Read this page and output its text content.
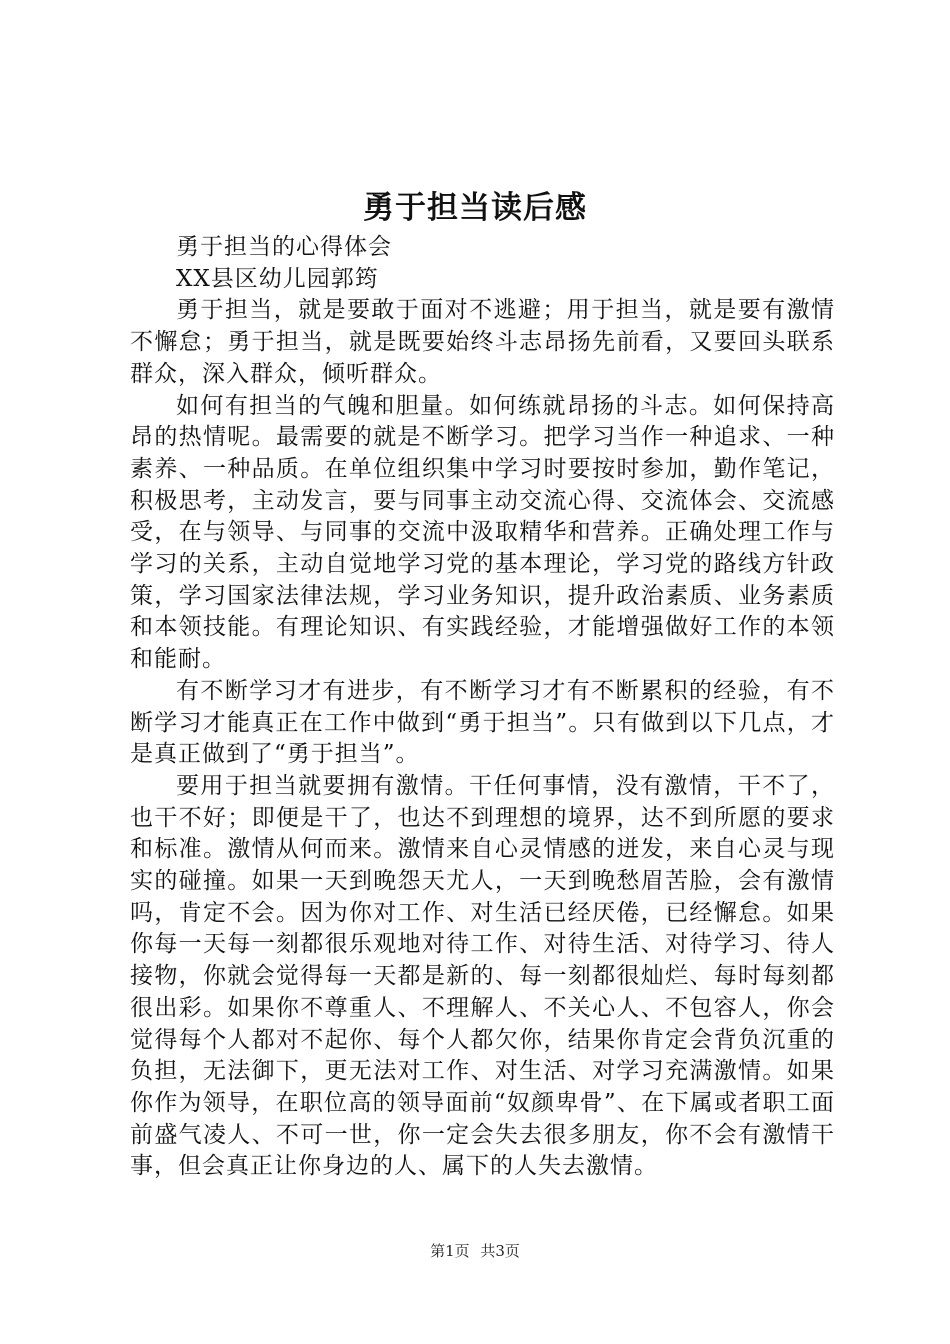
勇于担当读后感

勇于担当的心得体会

XX县区幼儿园郭筠

勇于担当，就是要敢于面对不逃避；用于担当，就是要有激情不懈怠；勇于担当，就是既要始终斗志昂扬先前看，又要回头联系群众，深入群众，倾听群众。

如何有担当的气魄和胆量。如何练就昂扬的斗志。如何保持高昂的热情呢。最需要的就是不断学习。把学习当作一种追求、一种素养、一种品质。在单位组织集中学习时要按时参加，勤作笔记，积极思考，主动发言，要与同事主动交流心得、交流体会、交流感受，在与领导、与同事的交流中汲取精华和营养。正确处理工作与学习的关系，主动自觉地学习党的基本理论，学习党的路线方针政策，学习国家法律法规，学习业务知识，提升政治素质、业务素质和本领技能。有理论知识、有实践经验，才能增强做好工作的本领和能耐。

有不断学习才有进步，有不断学习才有不断累积的经验，有不断学习才能真正在工作中做到“勇于担当”。只有做到以下几点，才是真正做到了“勇于担当”。

要用于担当就要拥有激情。干任何事情，没有激情，干不了，也干不好；即便是干了，也达不到理想的境界，达不到所愿的要求和标准。激情从何而来。激情来自心灵情感的迸发，来自心灵与现实的碰撞。如果一天到晚怨天尤人，一天到晚愁眉苦脸，会有激情吗，肯定不会。因为你对工作、对生活已经厌倦，已经懈怠。如果你每一天每一刻都很乐观地对待工作、对待生活、对待学习、待人接物，你就会觉得每一天都是新的、每一刻都很灿烂、每时每刻都很出彩。如果你不尊重人、不理解人、不关心人、不包容人，你会觉得每个人都对不起你、每个人都欠你，结果你肯定会背负沉重的负担，无法御下，更无法对工作、对生活、对学习充满激情。如果你作为领导，在职位高的领导面前“奴颜卑骨”、在下属或者职工面前盛气凌人、不可一世，你一定会失去很多朋友，你不会有激情干事，但会真正让你身边的人、属下的人失去激情。

第1页 共3页
